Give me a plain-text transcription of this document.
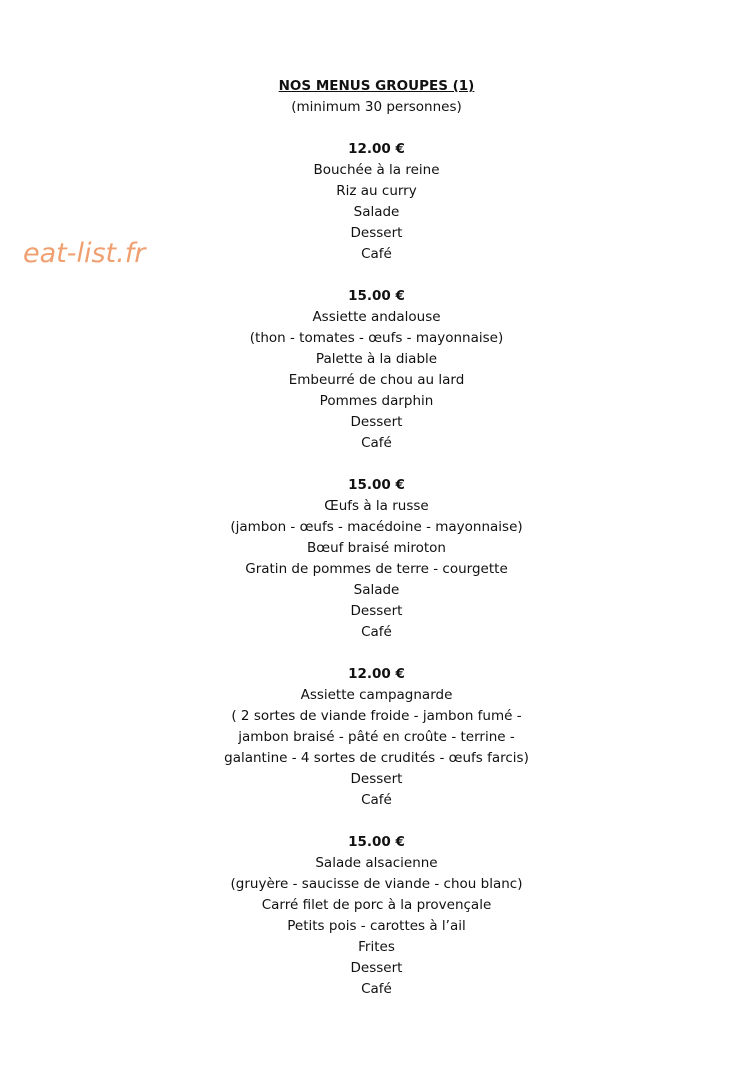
eat-list.fr
NOS MENUS GROUPES (1)
(minimum 30 personnes)
12.00 €
Bouchée à la reine
Riz au curry
Salade
Dessert
Café
15.00 €
Assiette andalouse
(thon - tomates - œufs - mayonnaise)
Palette à la diable
Embeurré de chou au lard
Pommes darphin
Dessert
Café
15.00 €
Œufs à la russe
(jambon - œufs - macédoine - mayonnaise)
Bœuf braisé miroton
Gratin de pommes de terre - courgette
Salade
Dessert
Café
12.00 €
Assiette campagnarde
( 2 sortes de viande froide - jambon fumé -
jambon braisé - pâté en croûte - terrine -
galantine - 4 sortes de crudités - œufs farcis)
Dessert
Café
15.00 €
Salade alsacienne
(gruyère - saucisse de viande - chou blanc)
Carré filet de porc à la provençale
Petits pois - carottes à l’ail
Frites
Dessert
Café
